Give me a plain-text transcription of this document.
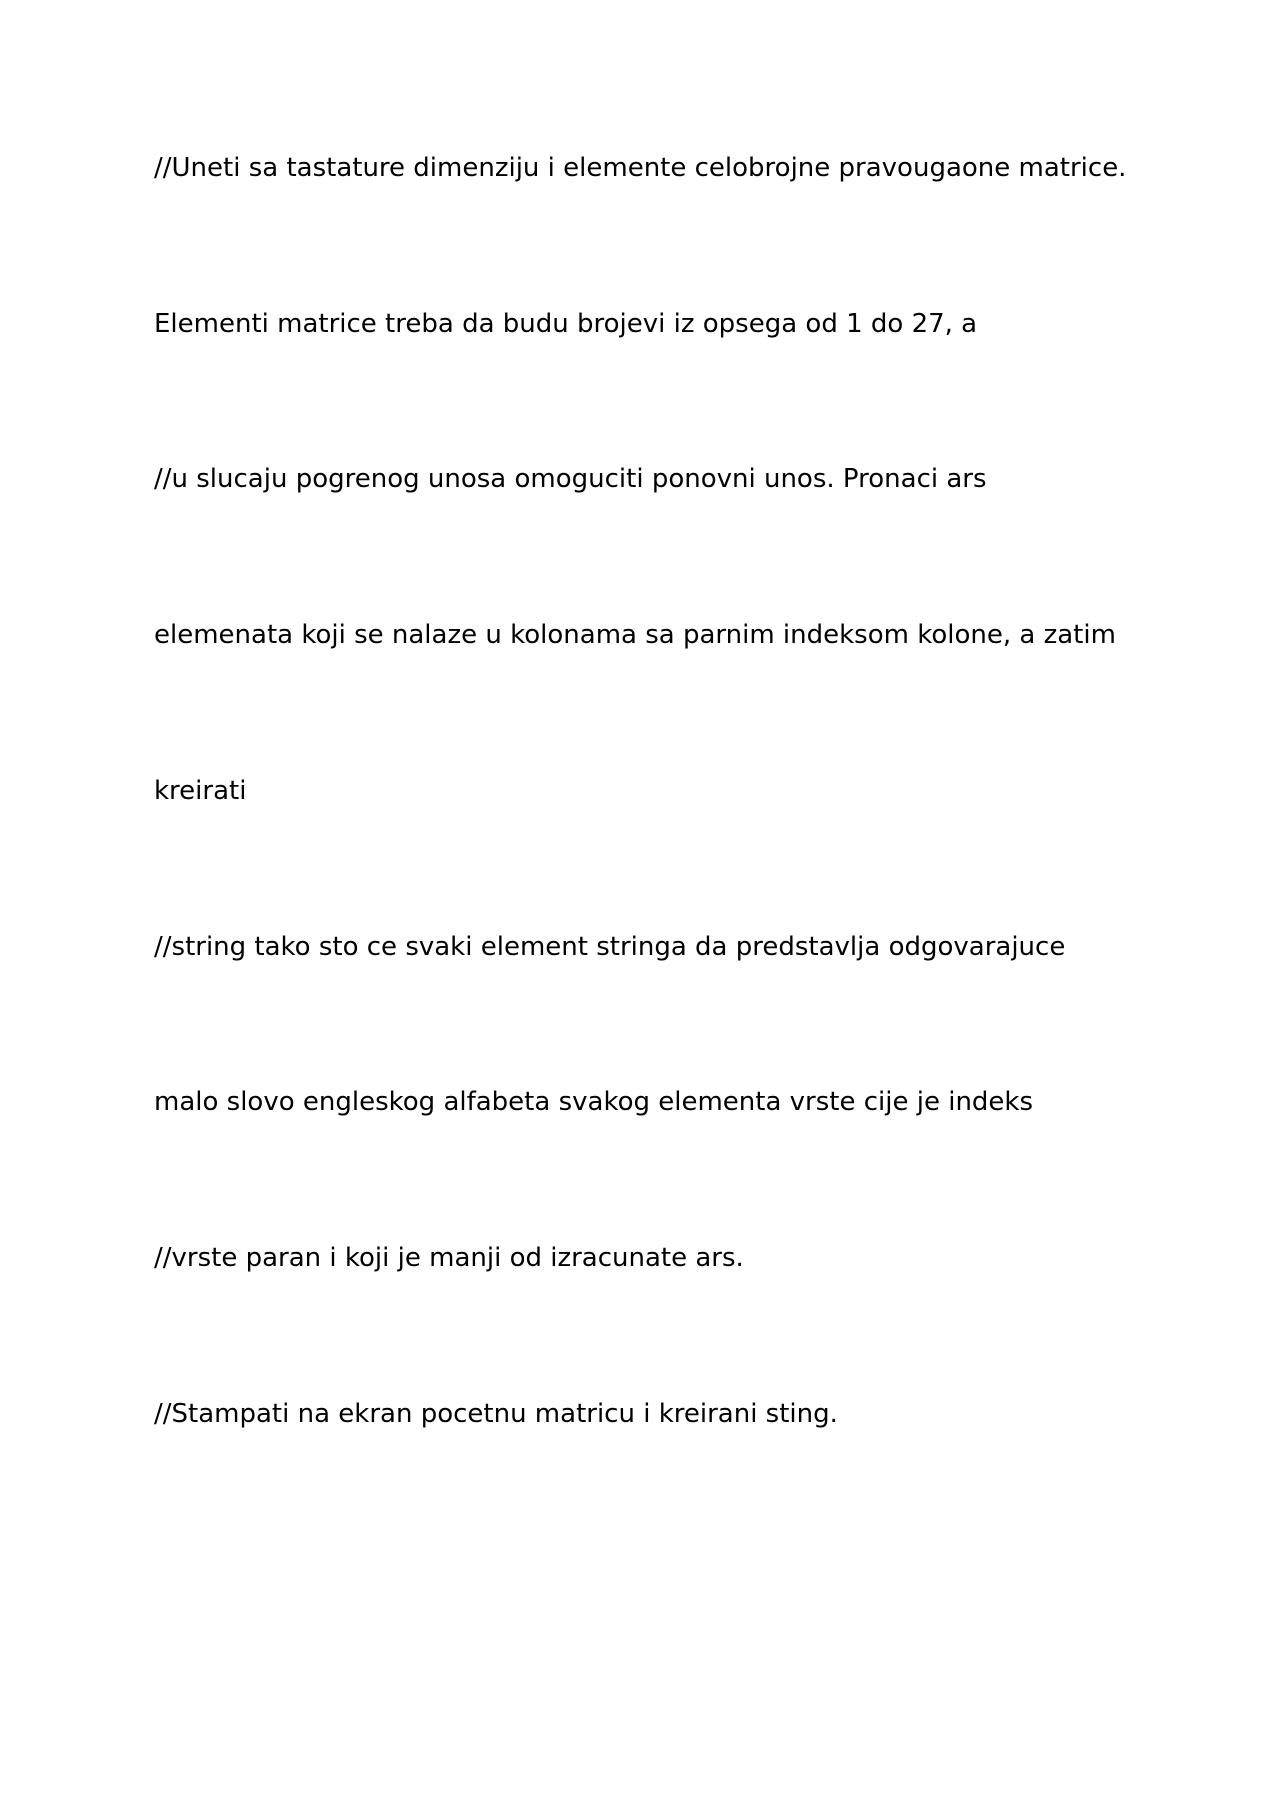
//Uneti sa tastature dimenziju i elemente celobrojne pravougaone matrice.

Elementi matrice treba da budu brojevi iz opsega od 1 do 27, a

//u slucaju pogrenog unosa omoguciti ponovni unos. Pronaci ars

elemenata koji se nalaze u kolonama sa parnim indeksom kolone, a zatim

kreirati

//string tako sto ce svaki element stringa da predstavlja odgovarajuce

malo slovo engleskog alfabeta svakog elementa vrste cije je indeks

//vrste paran i koji je manji od izracunate ars.

//Stampati na ekran pocetnu matricu i kreirani sting.
